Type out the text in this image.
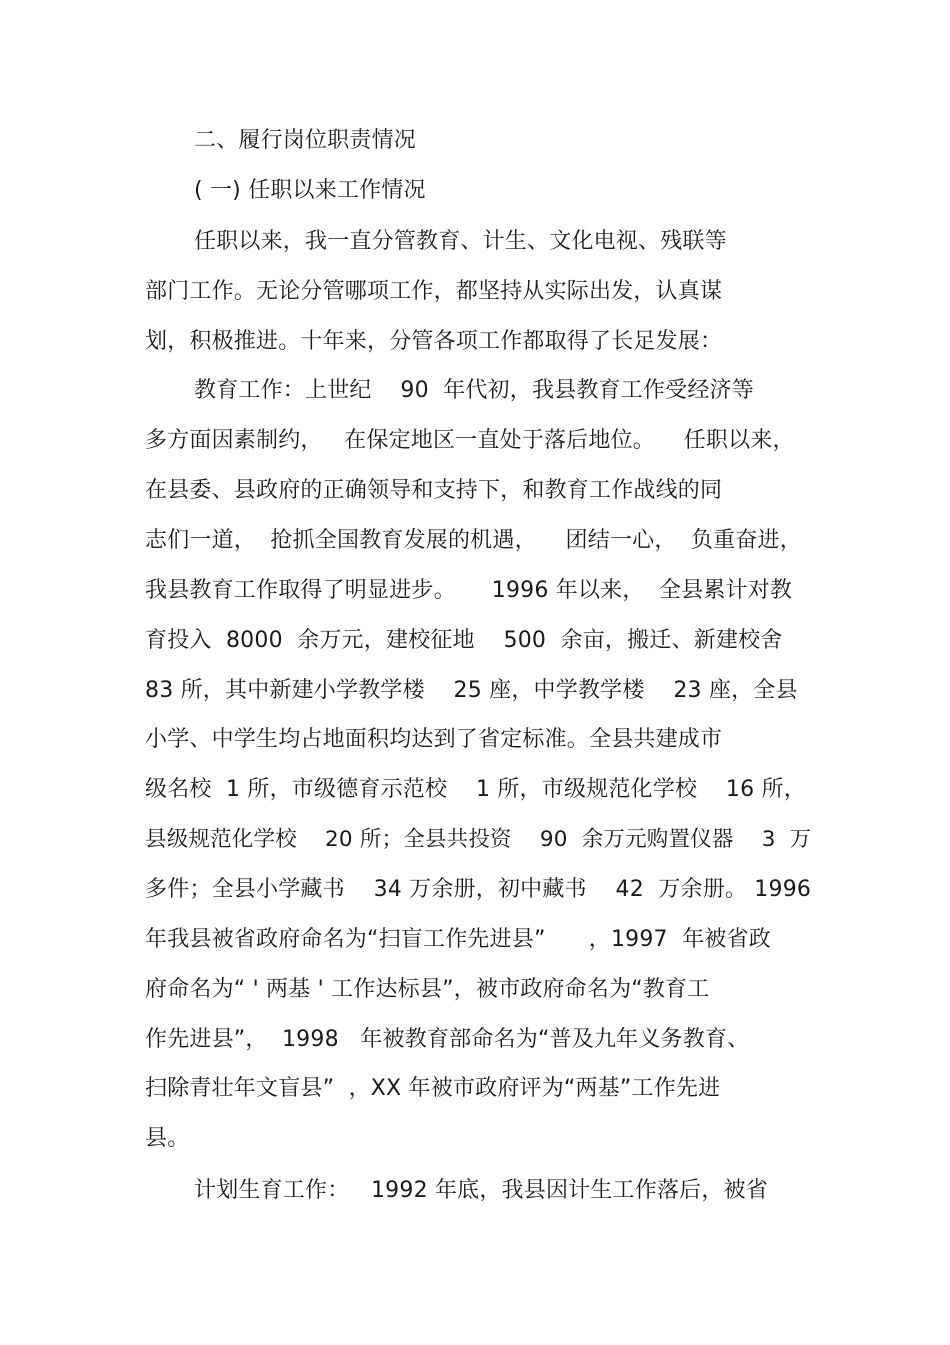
二、履行岗位职责情况
( 一) 任职以来工作情况
任职以来，我一直分管教育、计生、文化电视、残联等
部门工作。无论分管哪项工作，都坚持从实际出发，认真谋
划，积极推进。十年来，分管各项工作都取得了长足发展：
教育工作：上世纪    90  年代初，我县教育工作受经济等
多方面因素制约，   在保定地区一直处于落后地位。    任职以来，
在县委、县政府的正确领导和支持下，和教育工作战线的同
志们一道，  抢抓全国教育发展的机遇，    团结一心，  负重奋进，
我县教育工作取得了明显进步。     1996 年以来，  全县累计对教
育投入  8000  余万元，建校征地    500  余亩，搬迁、新建校舍
83 所，其中新建小学教学楼    25 座，中学教学楼    23 座，全县
小学、中学生均占地面积均达到了省定标准。全县共建成市
级名校  1 所，市级德育示范校    1 所，市级规范化学校    16 所，
县级规范化学校    20 所；全县共投资    90  余万元购置仪器    3  万
多件；全县小学藏书    34 万余册，初中藏书    42  万余册。 1996
年我县被省政府命名为“扫盲工作先进县”      ，1997  年被省政
府命名为“ ' 两基 ' 工作达标县”，被市政府命名为“教育工
作先进县”，  1998   年被教育部命名为“普及九年义务教育、
扫除青壮年文盲县”  ，XX 年被市政府评为“两基”工作先进
县。
计划生育工作：   1992 年底，我县因计生工作落后，被省
